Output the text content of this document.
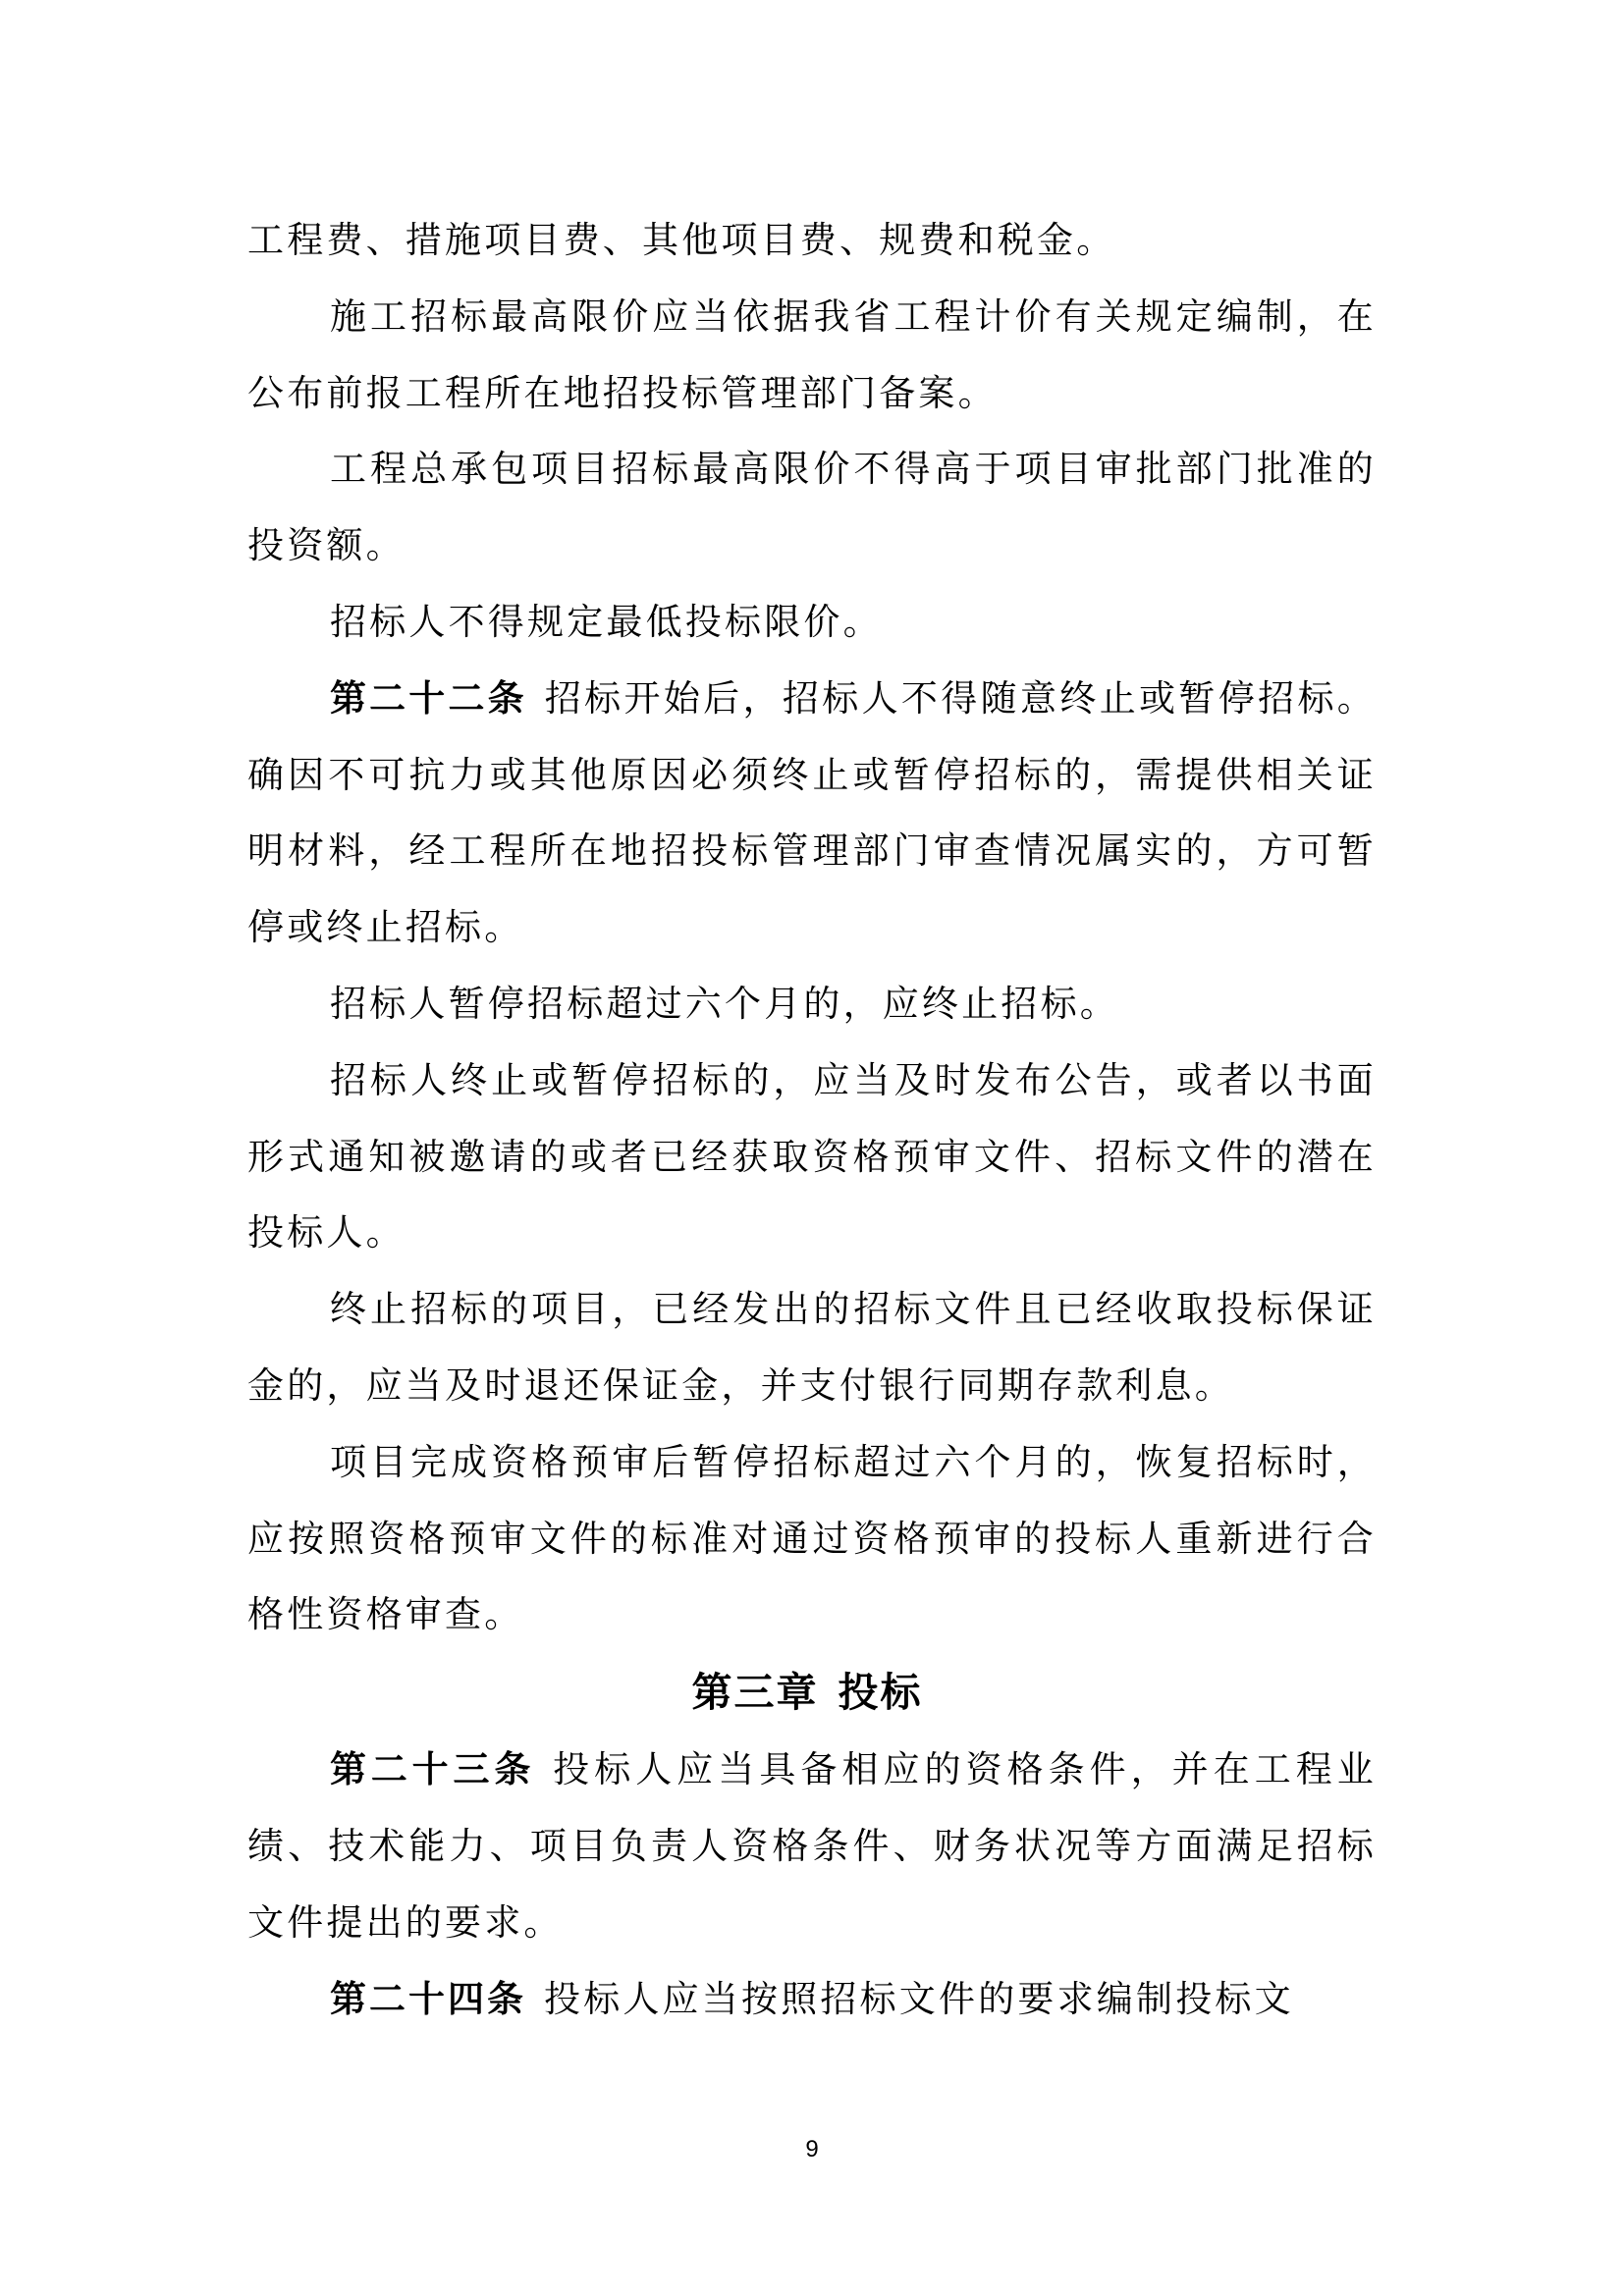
工程费、措施项目费、其他项目费、规费和税金。

施工招标最高限价应当依据我省工程计价有关规定编制，在公布前报工程所在地招投标管理部门备案。

工程总承包项目招标最高限价不得高于项目审批部门批准的投资额。

招标人不得规定最低投标限价。

第二十二条 招标开始后，招标人不得随意终止或暂停招标。确因不可抗力或其他原因必须终止或暂停招标的，需提供相关证明材料，经工程所在地招投标管理部门审查情况属实的，方可暂停或终止招标。

招标人暂停招标超过六个月的，应终止招标。

招标人终止或暂停招标的，应当及时发布公告，或者以书面形式通知被邀请的或者已经获取资格预审文件、招标文件的潜在投标人。

终止招标的项目，已经发出的招标文件且已经收取投标保证金的，应当及时退还保证金，并支付银行同期存款利息。

项目完成资格预审后暂停招标超过六个月的，恢复招标时，应按照资格预审文件的标准对通过资格预审的投标人重新进行合格性资格审查。

第三章 投标

第二十三条 投标人应当具备相应的资格条件，并在工程业绩、技术能力、项目负责人资格条件、财务状况等方面满足招标文件提出的要求。

第二十四条 投标人应当按照招标文件的要求编制投标文

9
